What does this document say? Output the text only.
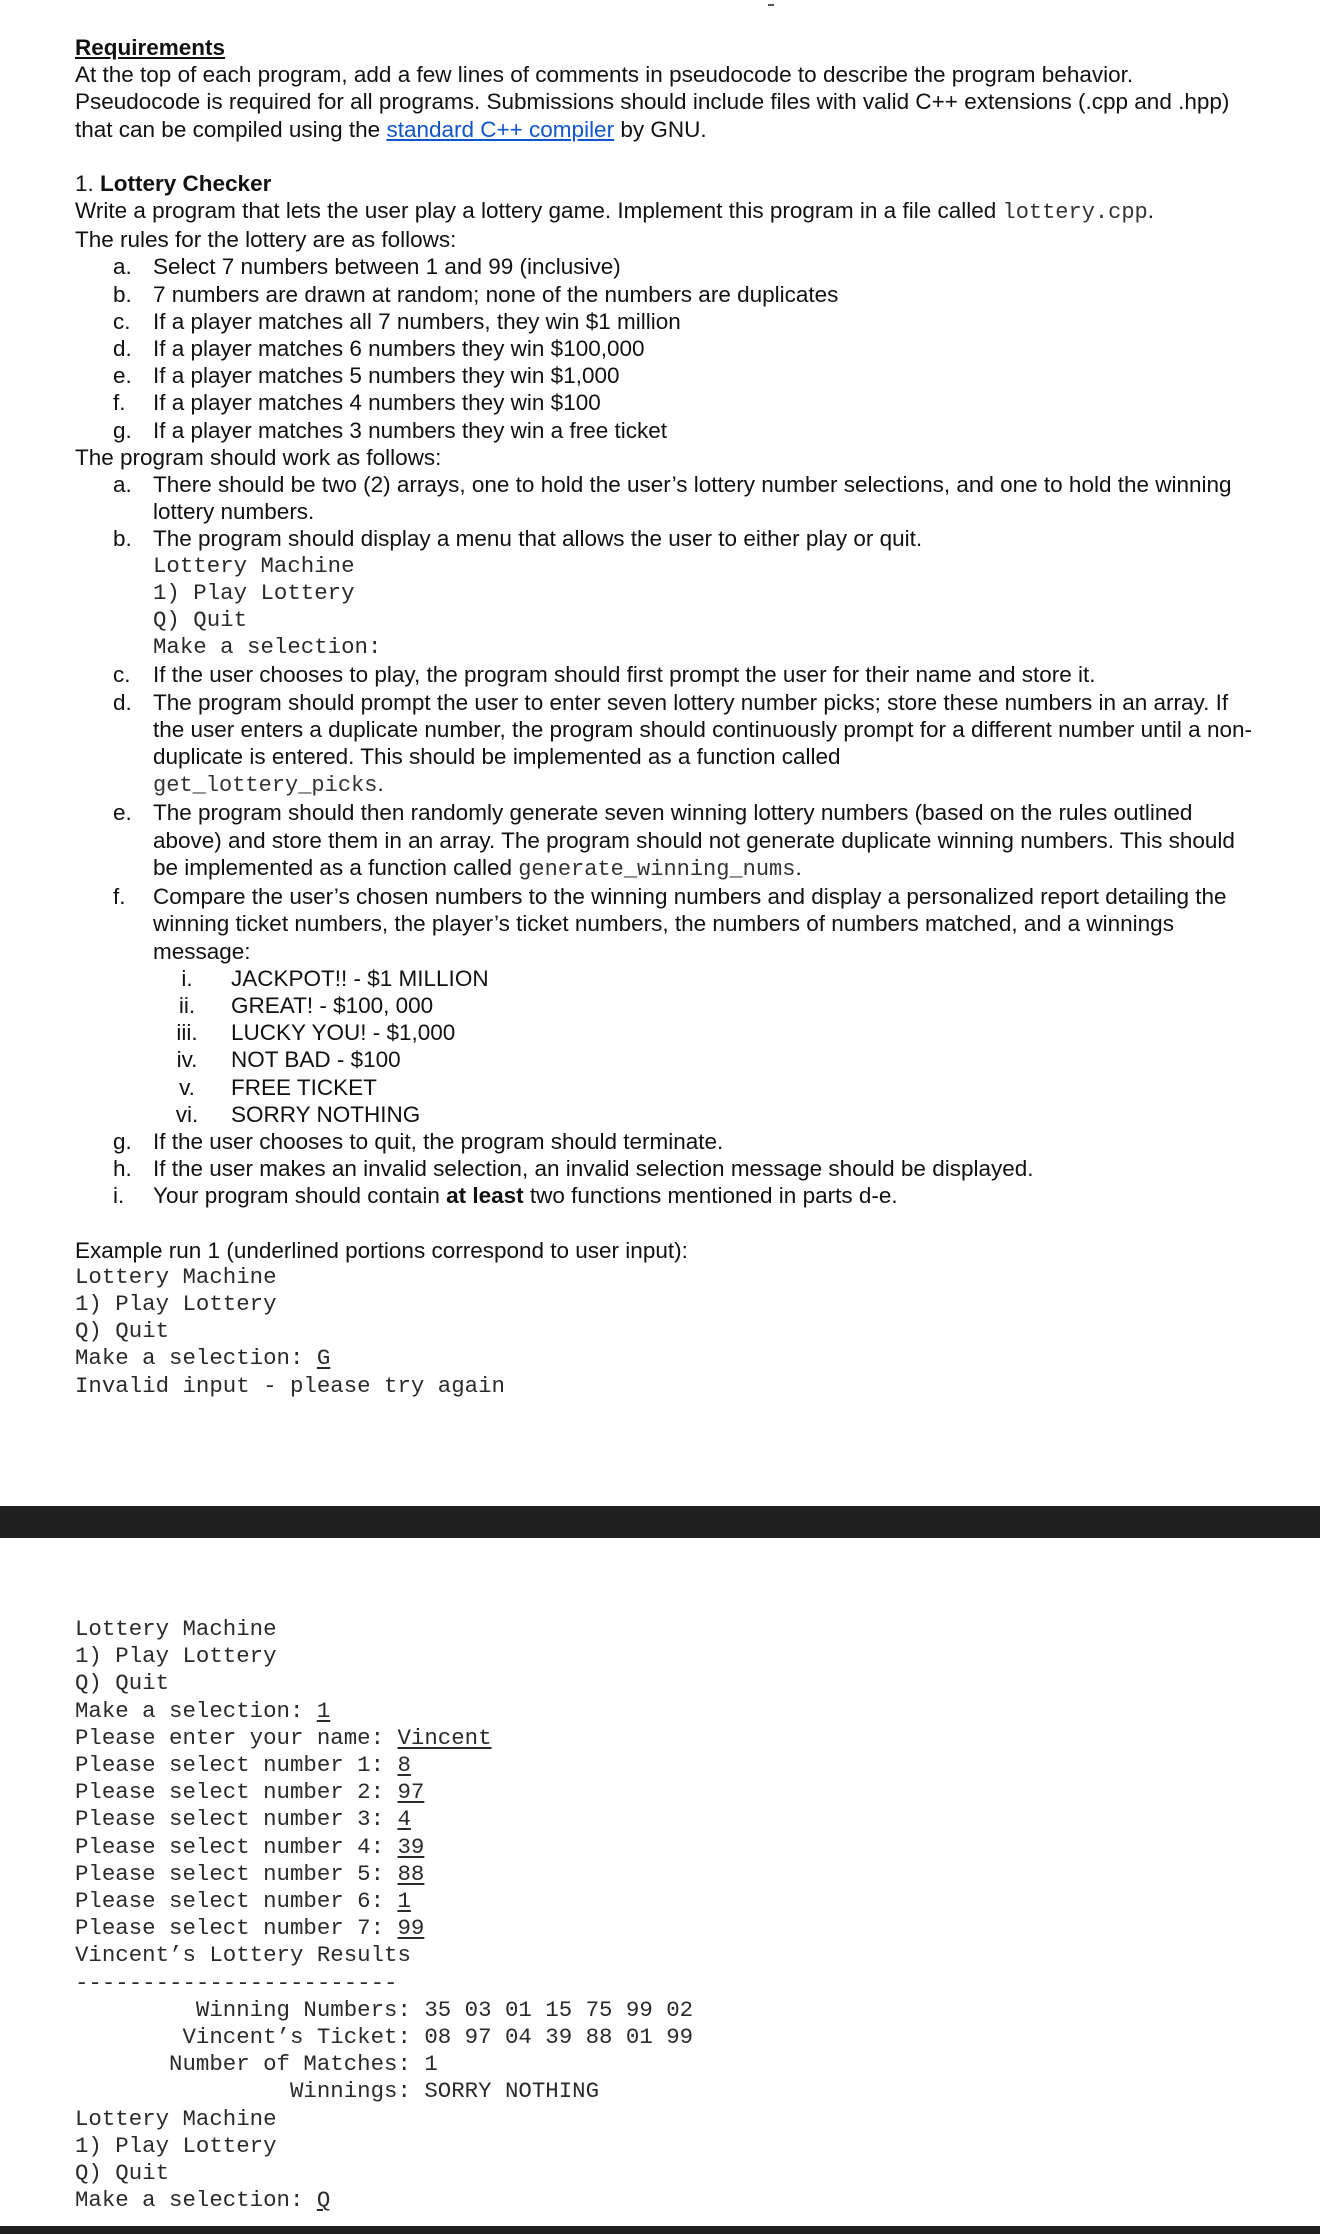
Requirements
At the top of each program, add a few lines of comments in pseudocode to describe the program behavior. Pseudocode is required for all programs. Submissions should include files with valid C++ extensions (.cpp and .hpp) that can be compiled using the standard C++ compiler by GNU.
1. Lottery Checker
Write a program that lets the user play a lottery game. Implement this program in a file called lottery.cpp.
The rules for the lottery are as follows:
a. Select 7 numbers between 1 and 99 (inclusive)
b. 7 numbers are drawn at random; none of the numbers are duplicates
c. If a player matches all 7 numbers, they win $1 million
d. If a player matches 6 numbers they win $100,000
e. If a player matches 5 numbers they win $1,000
f. If a player matches 4 numbers they win $100
g. If a player matches 3 numbers they win a free ticket
The program should work as follows:
a. There should be two (2) arrays, one to hold the user’s lottery number selections, and one to hold the winning lottery numbers.
b. The program should display a menu that allows the user to either play or quit.
Lottery Machine
1) Play Lottery
Q) Quit
Make a selection:
c. If the user chooses to play, the program should first prompt the user for their name and store it.
d. The program should prompt the user to enter seven lottery number picks; store these numbers in an array. If the user enters a duplicate number, the program should continuously prompt for a different number until a non-duplicate is entered. This should be implemented as a function called
get_lottery_picks.
e. The program should then randomly generate seven winning lottery numbers (based on the rules outlined above) and store them in an array. The program should not generate duplicate winning numbers. This should be implemented as a function called generate_winning_nums.
f. Compare the user’s chosen numbers to the winning numbers and display a personalized report detailing the winning ticket numbers, the player’s ticket numbers, the numbers of numbers matched, and a winnings message:
i.	JACKPOT!! - $1 MILLION
ii.	GREAT! - $100, 000
iii.	LUCKY YOU! - $1,000
iv.	NOT BAD - $100
v.	FREE TICKET
vi.	SORRY NOTHING
g. If the user chooses to quit, the program should terminate.
h. If the user makes an invalid selection, an invalid selection message should be displayed.
i. Your program should contain at least two functions mentioned in parts d-e.
Example run 1 (underlined portions correspond to user input):
Lottery Machine
1) Play Lottery
Q) Quit
Make a selection: G
Invalid input - please try again
Lottery Machine
1) Play Lottery
Q) Quit
Make a selection: 1
Please enter your name: Vincent
Please select number 1: 8
Please select number 2: 97
Please select number 3: 4
Please select number 4: 39
Please select number 5: 88
Please select number 6: 1
Please select number 7: 99
Vincent’s Lottery Results
------------------------
Winning Numbers: 35 03 01 15 75 99 02
Vincent’s Ticket: 08 97 04 39 88 01 99
Number of Matches: 1
Winnings: SORRY NOTHING
Lottery Machine
1) Play Lottery
Q) Quit
Make a selection: Q
